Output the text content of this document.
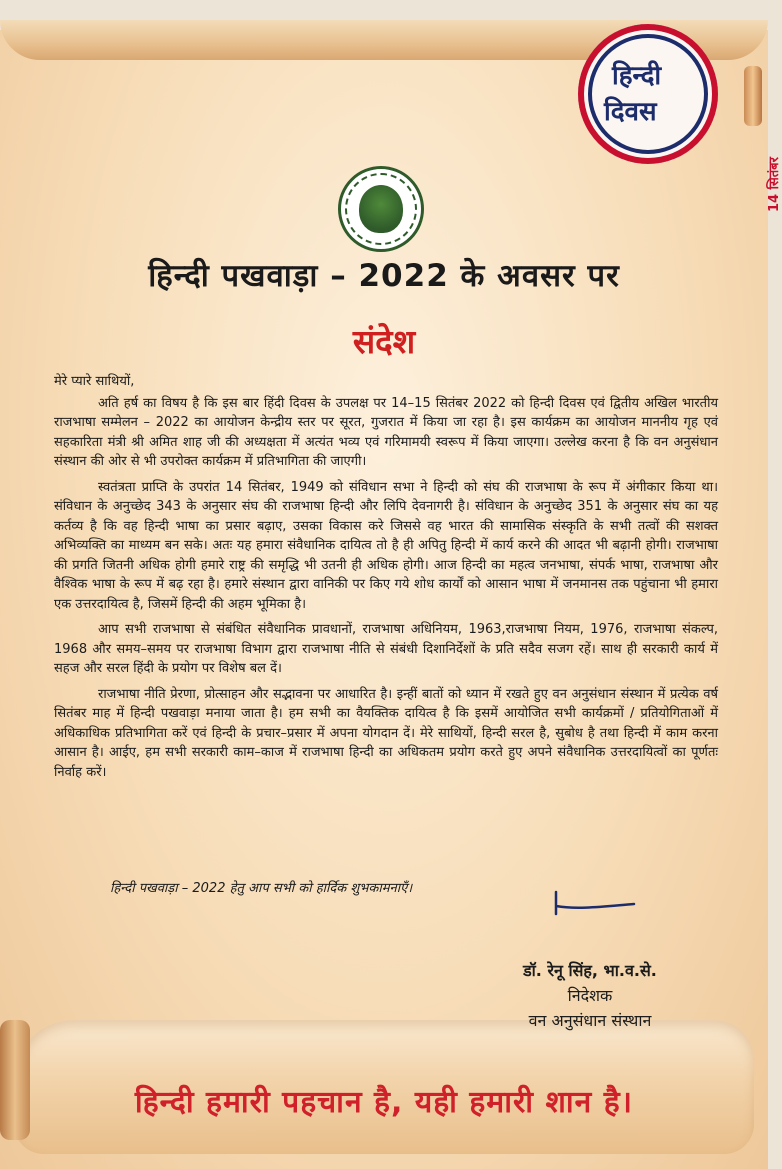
हिन्दी
दिवस
14 सितंबर
हिन्दी पखवाड़ा – 2022 के अवसर पर
संदेश

मेरे प्यारे साथियों,

अति हर्ष का विषय है कि इस बार हिंदी दिवस के उपलक्ष पर 14–15 सितंबर 2022 को हिन्दी दिवस एवं द्वितीय अखिल भारतीय राजभाषा सम्मेलन – 2022 का आयोजन केन्द्रीय स्तर पर सूरत, गुजरात में किया जा रहा है। इस कार्यक्रम का आयोजन माननीय गृह एवं सहकारिता मंत्री श्री अमित शाह जी की अध्यक्षता में अत्यंत भव्य एवं गरिमामयी स्वरूप में किया जाएगा। उल्लेख करना है कि वन अनुसंधान संस्थान की ओर से भी उपरोक्त कार्यक्रम में प्रतिभागिता की जाएगी।

स्वतंत्रता प्राप्ति के उपरांत 14 सितंबर, 1949 को संविधान सभा ने हिन्दी को संघ की राजभाषा के रूप में अंगीकार किया था। संविधान के अनुच्छेद 343 के अनुसार संघ की राजभाषा हिन्दी और लिपि देवनागरी है। संविधान के अनुच्छेद 351 के अनुसार संघ का यह कर्तव्य है कि वह हिन्दी भाषा का प्रसार बढ़ाए, उसका विकास करे जिससे वह भारत की सामासिक संस्कृति के सभी तत्वों की सशक्त अभिव्यक्ति का माध्यम बन सके। अतः यह हमारा संवैधानिक दायित्व तो है ही अपितु हिन्दी में कार्य करने की आदत भी बढ़ानी होगी। राजभाषा की प्रगति जितनी अधिक होगी हमारे राष्ट्र की समृद्धि भी उतनी ही अधिक होगी। आज हिन्दी का महत्व जनभाषा, संपर्क भाषा, राजभाषा और वैश्विक भाषा के रूप में बढ़ रहा है। हमारे संस्थान द्वारा वानिकी पर किए गये शोध कार्यों को आसान भाषा में जनमानस तक पहुंचाना भी हमारा एक उत्तरदायित्व है, जिसमें हिन्दी की अहम भूमिका है।

आप सभी राजभाषा से संबंधित संवैधानिक प्रावधानों, राजभाषा अधिनियम, 1963,राजभाषा नियम, 1976, राजभाषा संकल्प, 1968 और समय–समय पर राजभाषा विभाग द्वारा राजभाषा नीति से संबंधी दिशानिर्देशों के प्रति सदैव सजग रहें। साथ ही सरकारी कार्य में सहज और सरल हिंदी के प्रयोग पर विशेष बल दें।

राजभाषा नीति प्रेरणा, प्रोत्साहन और सद्भावना पर आधारित है। इन्हीं बातों को ध्यान में रखते हुए वन अनुसंधान संस्थान में प्रत्येक वर्ष सितंबर माह में हिन्दी पखवाड़ा मनाया जाता है। हम सभी का वैयक्तिक दायित्व है कि इसमें आयोजित सभी कार्यक्रमों / प्रतियोगिताओं में अधिकाधिक प्रतिभागिता करें एवं हिन्दी के प्रचार–प्रसार में अपना योगदान दें। मेरे साथियों, हिन्दी सरल है, सुबोध है तथा हिन्दी में काम करना आसान है। आईए, हम सभी सरकारी काम–काज में राजभाषा हिन्दी का अधिकतम प्रयोग करते हुए अपने संवैधानिक उत्तरदायित्वों का पूर्णतः निर्वाह करें।

हिन्दी पखवाड़ा – 2022 हेतु आप सभी को हार्दिक शुभकामनाएँ।
डॉ. रेनू सिंह, भा.व.से.
निदेशक
वन अनुसंधान संस्थान
हिन्दी हमारी पहचान है, यही हमारी शान है।
